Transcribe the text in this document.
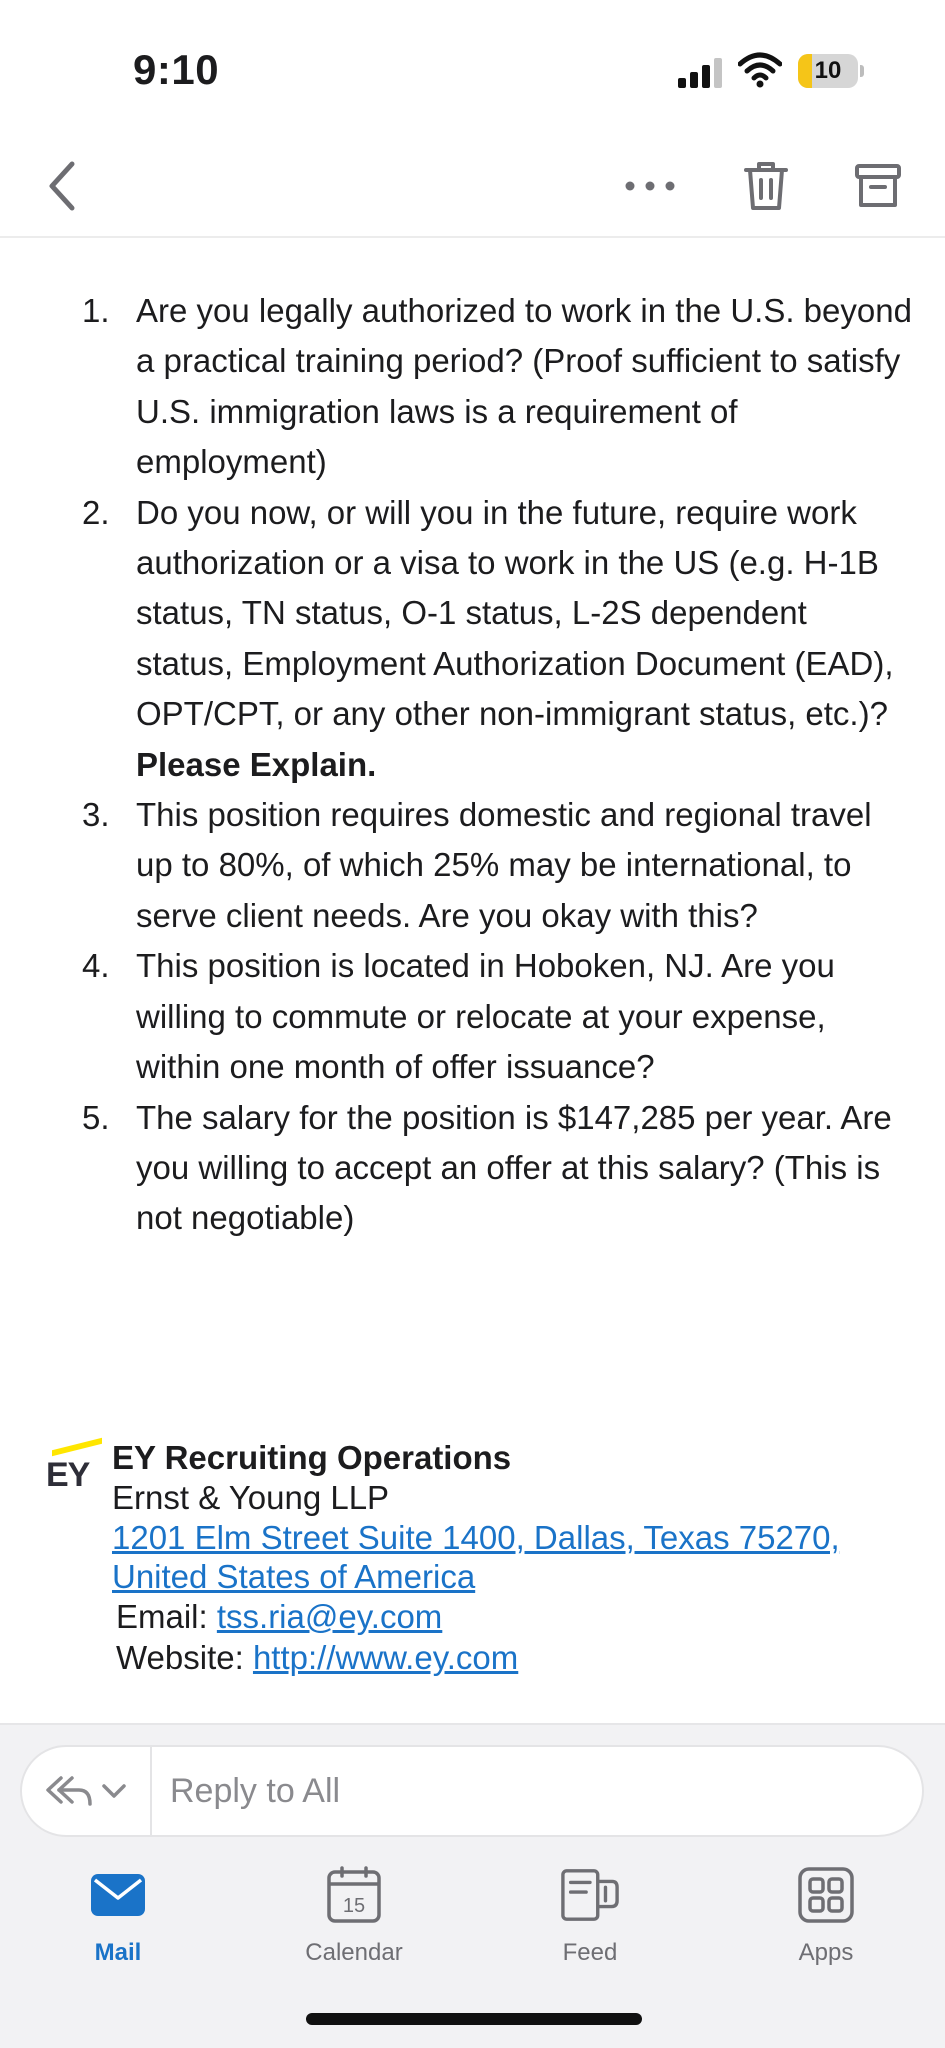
9:10	10
1. Are you legally authorized to work in the U.S. beyond a practical training period? (Proof sufficient to satisfy U.S. immigration laws is a requirement of employment)
2. Do you now, or will you in the future, require work authorization or a visa to work in the US (e.g. H-1B status, TN status, O-1 status, L-2S dependent status, Employment Authorization Document (EAD), OPT/CPT, or any other non-immigrant status, etc.)? Please Explain.
3. This position requires domestic and regional travel up to 80%, of which 25% may be international, to serve client needs. Are you okay with this?
4. This position is located in Hoboken, NJ. Are you willing to commute or relocate at your expense, within one month of offer issuance?
5. The salary for the position is $147,285 per year. Are you willing to accept an offer at this salary? (This is not negotiable)
EY EY Recruiting Operations
Ernst & Young LLP
1201 Elm Street Suite 1400, Dallas, Texas 75270, United States of America
Email: tss.ria@ey.com
Website: http://www.ey.com
Reply to All
Mail
15
Calendar	Feed	Apps
